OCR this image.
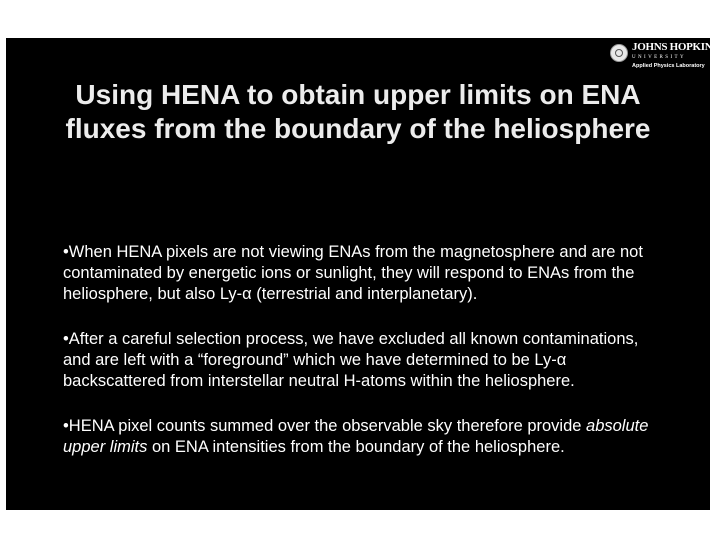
JOHNS HOPKINS
UNIVERSITY
Applied Physics Laboratory
Using HENA to obtain upper limits on ENA fluxes from the boundary of the heliosphere
•When HENA pixels are not viewing ENAs from the magnetosphere and are not contaminated by energetic ions or sunlight, they will respond to ENAs from the heliosphere, but also Ly-α (terrestrial and interplanetary).
•After a careful selection process, we have excluded all known contaminations, and are left with a “foreground” which we have determined to be Ly-α backscattered from interstellar neutral H-atoms within the heliosphere.
•HENA pixel counts summed over the observable sky therefore provide absolute upper limits on ENA intensities from the boundary of the heliosphere.
